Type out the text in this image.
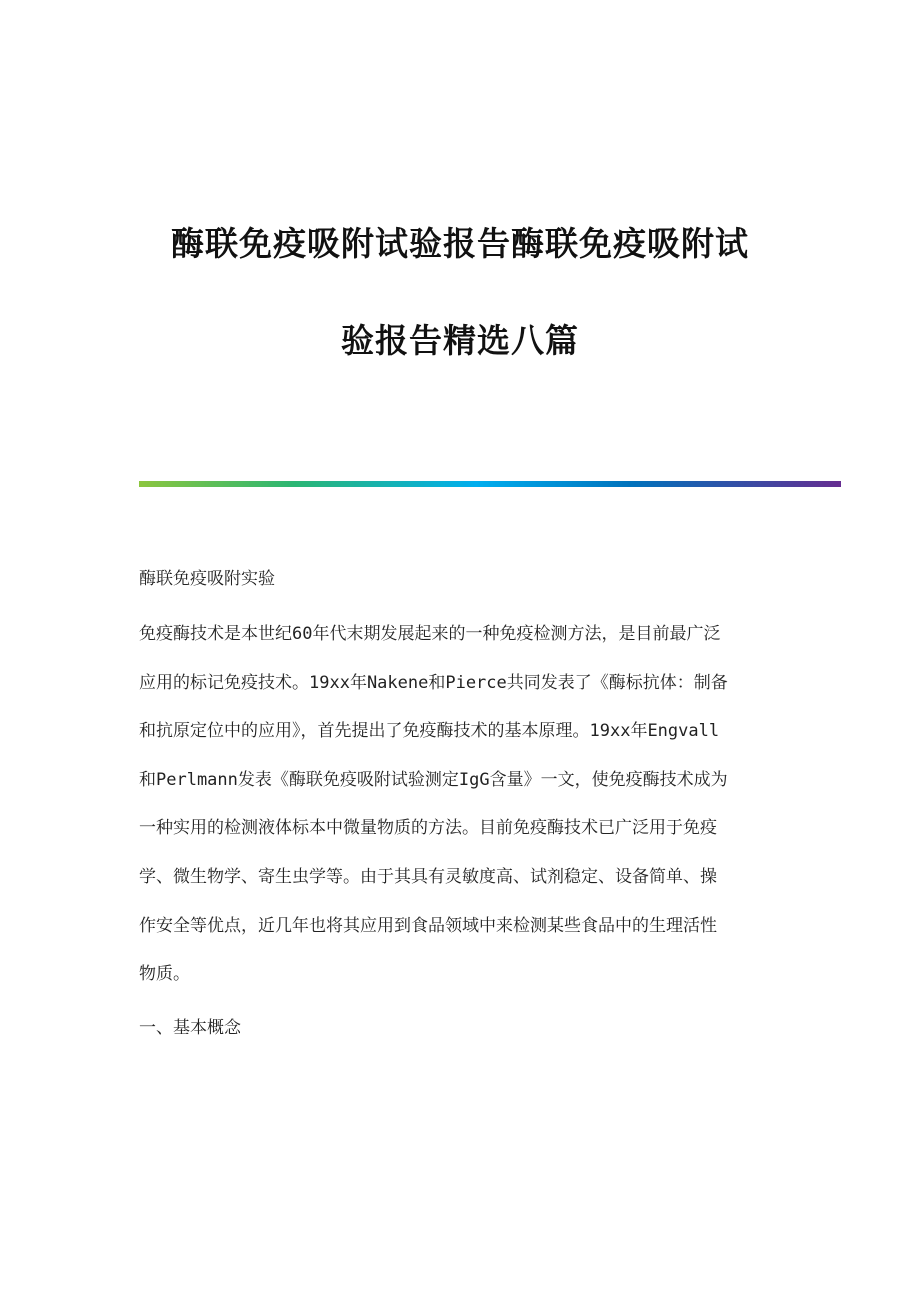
酶联免疫吸附试验报告酶联免疫吸附试
验报告精选八篇
酶联免疫吸附实验
免疫酶技术是本世纪60年代末期发展起来的一种免疫检测方法，是目前最广泛
应用的标记免疫技术。19xx年Nakene和Pierce共同发表了《酶标抗体：制备
和抗原定位中的应用》，首先提出了免疫酶技术的基本原理。19xx年Engvall
和Perlmann发表《酶联免疫吸附试验测定IgG含量》一文，使免疫酶技术成为
一种实用的检测液体标本中微量物质的方法。目前免疫酶技术已广泛用于免疫
学、微生物学、寄生虫学等。由于其具有灵敏度高、试剂稳定、设备简单、操
作安全等优点，近几年也将其应用到食品领域中来检测某些食品中的生理活性
物质。
一、基本概念
